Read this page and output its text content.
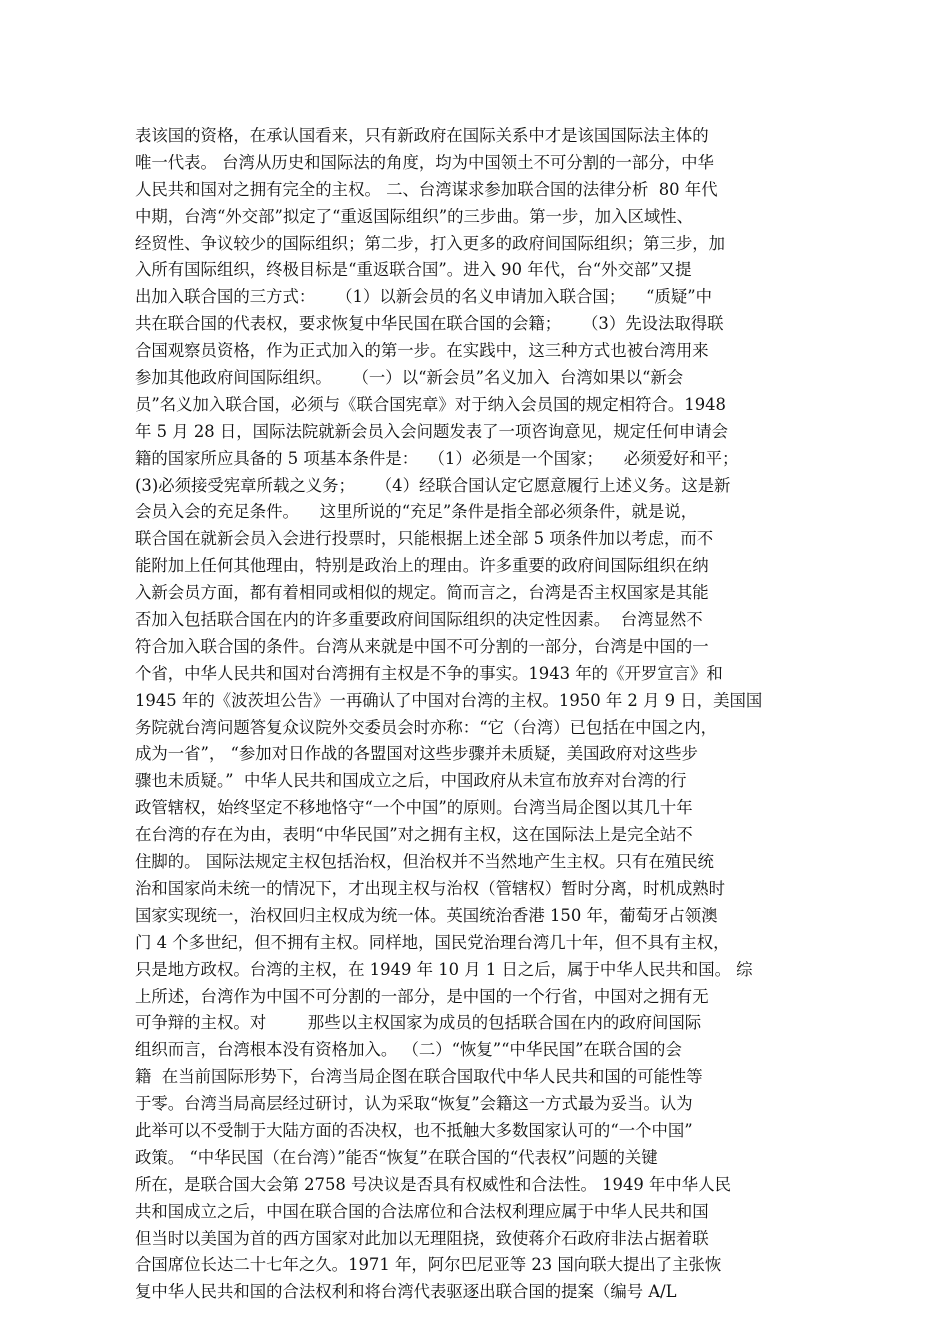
表该国的资格，在承认国看来，只有新政府在国际关系中才是该国国际法主体的
唯一代表。 台湾从历史和国际法的角度，均为中国领土不可分割的一部分，中华
人民共和国对之拥有完全的主权。 二、台湾谋求参加联合国的法律分析  80 年代
中期，台湾“外交部”拟定了“重返国际组织”的三步曲。第一步，加入区域性、
经贸性、争议较少的国际组织；第二步，打入更多的政府间国际组织；第三步，加
入所有国际组织，终极目标是“重返联合国”。进入 90 年代，台“外交部”又提
出加入联合国的三方式：    （1）以新会员的名义申请加入联合国；    “质疑”中
共在联合国的代表权，要求恢复中华民国在联合国的会籍；    （3）先设法取得联
合国观察员资格，作为正式加入的第一步。在实践中，这三种方式也被台湾用来
参加其他政府间国际组织。    （一）以“新会员”名义加入  台湾如果以“新会
员”名义加入联合国，必须与《联合国宪章》对于纳入会员国的规定相符合。1948
年 5 月 28 日，国际法院就新会员入会问题发表了一项咨询意见，规定任何申请会
籍的国家所应具备的 5 项基本条件是：  （1）必须是一个国家；    必须爱好和平；
(3)必须接受宪章所载之义务；    （4）经联合国认定它愿意履行上述义务。这是新
会员入会的充足条件。    这里所说的“充足”条件是指全部必须条件，就是说，
联合国在就新会员入会进行投票时，只能根据上述全部 5 项条件加以考虑，而不
能附加上任何其他理由，特别是政治上的理由。许多重要的政府间国际组织在纳
入新会员方面，都有着相同或相似的规定。简而言之，台湾是否主权国家是其能
否加入包括联合国在内的许多重要政府间国际组织的决定性因素。  台湾显然不
符合加入联合国的条件。台湾从来就是中国不可分割的一部分，台湾是中国的一
个省，中华人民共和国对台湾拥有主权是不争的事实。1943 年的《开罗宣言》和
1945 年的《波茨坦公告》一再确认了中国对台湾的主权。1950 年 2 月 9 日，美国国
务院就台湾问题答复众议院外交委员会时亦称：“它（台湾）已包括在中国之内，
成为一省”， “参加对日作战的各盟国对这些步骤并未质疑，美国政府对这些步
骤也未质疑。”  中华人民共和国成立之后，中国政府从未宣布放弃对台湾的行
政管辖权，始终坚定不移地恪守“一个中国”的原则。台湾当局企图以其几十年
在台湾的存在为由，表明“中华民国”对之拥有主权，这在国际法上是完全站不
住脚的。 国际法规定主权包括治权，但治权并不当然地产生主权。只有在殖民统
治和国家尚未统一的情况下，才出现主权与治权（管辖权）暂时分离，时机成熟时
国家实现统一，治权回归主权成为统一体。英国统治香港 150 年，葡萄牙占领澳
门 4 个多世纪，但不拥有主权。同样地，国民党治理台湾几十年，但不具有主权，
只是地方政权。台湾的主权，在 1949 年 10 月 1 日之后，属于中华人民共和国。 综
上所述，台湾作为中国不可分割的一部分，是中国的一个行省，中国对之拥有无
可争辩的主权。对        那些以主权国家为成员的包括联合国在内的政府间国际
组织而言，台湾根本没有资格加入。 （二）“恢复”“中华民国”在联合国的会
籍  在当前国际形势下，台湾当局企图在联合国取代中华人民共和国的可能性等
于零。台湾当局高层经过研讨，认为采取“恢复”会籍这一方式最为妥当。认为
此举可以不受制于大陆方面的否决权，也不抵触大多数国家认可的“一个中国”
政策。 “中华民国（在台湾）”能否“恢复”在联合国的“代表权”问题的关键
所在，是联合国大会第 2758 号决议是否具有权威性和合法性。 1949 年中华人民
共和国成立之后，中国在联合国的合法席位和合法权利理应属于中华人民共和国
但当时以美国为首的西方国家对此加以无理阻挠，致使蒋介石政府非法占据着联
合国席位长达二十七年之久。1971 年，阿尔巴尼亚等 23 国向联大提出了主张恢
复中华人民共和国的合法权利和将台湾代表驱逐出联合国的提案（编号 A/L
